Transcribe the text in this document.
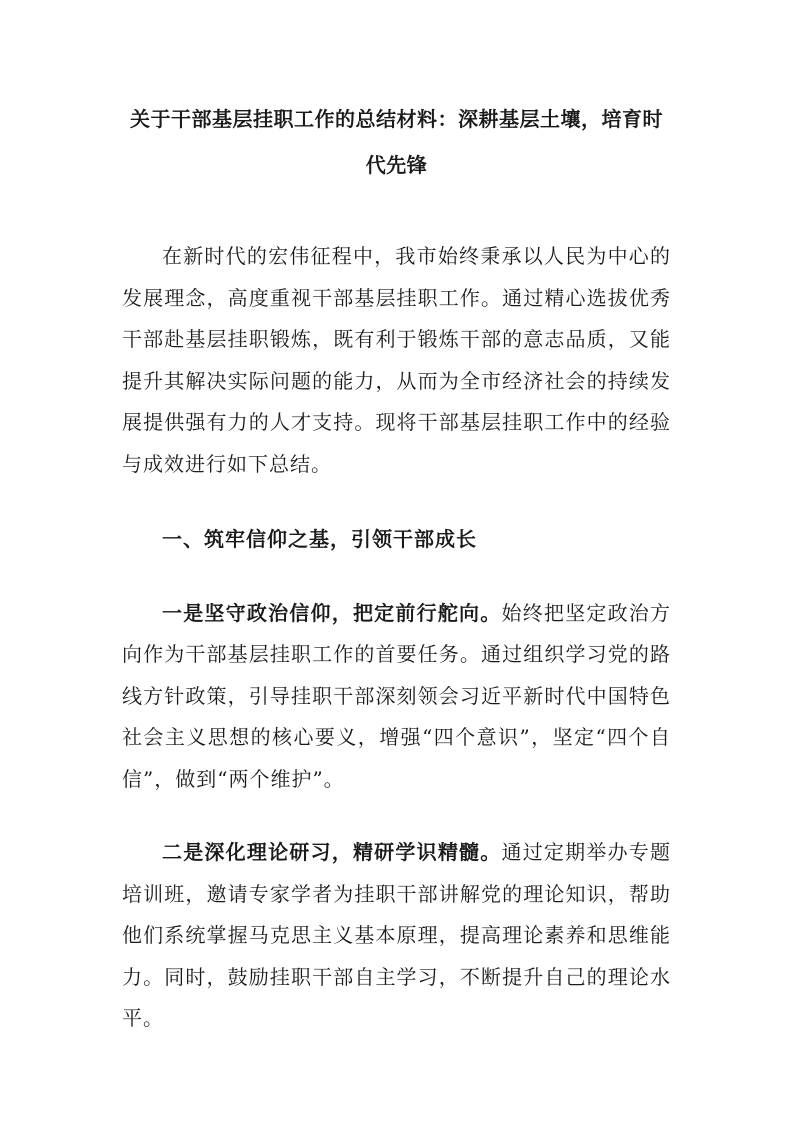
关于干部基层挂职工作的总结材料：深耕基层土壤，培育时代先锋

在新时代的宏伟征程中，我市始终秉承以人民为中心的发展理念，高度重视干部基层挂职工作。通过精心选拔优秀干部赴基层挂职锻炼，既有利于锻炼干部的意志品质，又能提升其解决实际问题的能力，从而为全市经济社会的持续发展提供强有力的人才支持。现将干部基层挂职工作中的经验与成效进行如下总结。

一、筑牢信仰之基，引领干部成长

一是坚守政治信仰，把定前行舵向。始终把坚定政治方向作为干部基层挂职工作的首要任务。通过组织学习党的路线方针政策，引导挂职干部深刻领会习近平新时代中国特色社会主义思想的核心要义，增强“四个意识”，坚定“四个自信”，做到“两个维护”。

二是深化理论研习，精研学识精髓。通过定期举办专题培训班，邀请专家学者为挂职干部讲解党的理论知识，帮助他们系统掌握马克思主义基本原理，提高理论素养和思维能力。同时，鼓励挂职干部自主学习，不断提升自己的理论水平。
